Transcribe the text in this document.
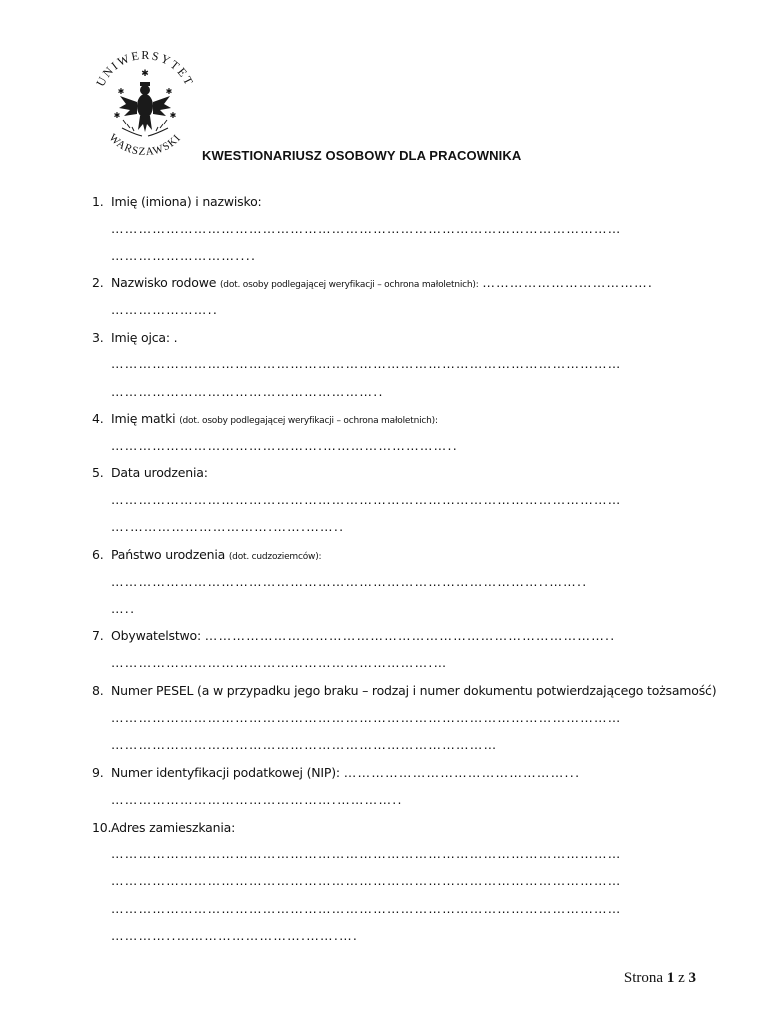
UNIWERSYTET
WARSZAWSKI
✱
✱	✱
✱	✱
KWESTIONARIUSZ OSOBOWY DLA PRACOWNIKA
1. Imię (imiona) i nazwisko:
…………………………………………………………………………………………………
………………………....
2. Nazwisko rodowe (dot. osoby podlegającej weryfikacji – ochrona małoletnich): ……………………………….
…………………..
3. Imię ojca: .
…………………………………………………………………………………………………
…………………………………………………..
4. Imię matki (dot. osoby podlegającej weryfikacji – ochrona małoletnich):
……………………………………….………………………..
5. Data urodzenia:
…………………………………………………………………………………………………
….………………………….…….……..
6. Państwo urodzenia (dot. cudzoziemców):
…………………………………………………………………………………..……..
…..
7. Obywatelstwo: ……………………………………………………………………………..
…………………………………………………………….…
8. Numer PESEL (a w przypadku jego braku – rodzaj i numer dokumentu potwierdzającego tożsamość)
…………………………………………………………………………………………………
…………………………………………………………………………
9. Numer identyfikacji podatkowej (NIP): …………………………………………...
………………………………………….…………..
10.Adres zamieszkania:
…………………………………………………………………………………………………
…………………………………………………………………………………………………
…………………………………………………………………………………………………
…………..……………………….…….….
Strona 1 z 3
